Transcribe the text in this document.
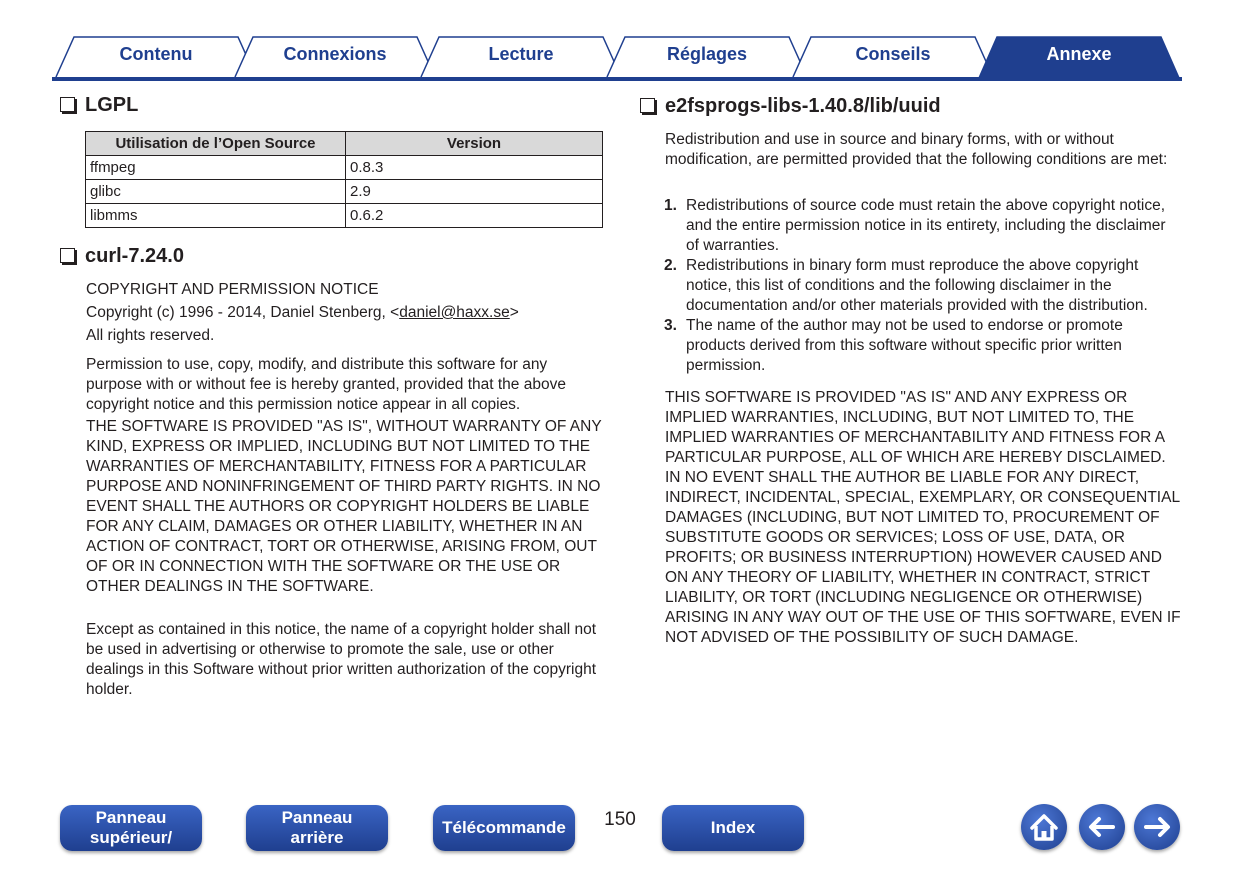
Contenu	Connexions	Lecture	Réglages	Conseils	Annexe
LGPL
Utilisation de l’Open Source	Version
ffmpeg	0.8.3
glibc	2.9
libmms	0.6.2
curl-7.24.0

COPYRIGHT AND PERMISSION NOTICE

Copyright (c) 1996 - 2014, Daniel Stenberg, <daniel@haxx.se>

All rights reserved.

Permission to use, copy, modify, and distribute this software for any purpose with or without fee is hereby granted, provided that the above copyright notice and this permission notice appear in all copies.

THE SOFTWARE IS PROVIDED "AS IS", WITHOUT WARRANTY OF ANY KIND, EXPRESS OR IMPLIED, INCLUDING BUT NOT LIMITED TO THE WARRANTIES OF MERCHANTABILITY, FITNESS FOR A PARTICULAR PURPOSE AND NONINFRINGEMENT OF THIRD PARTY RIGHTS. IN NO EVENT SHALL THE AUTHORS OR COPYRIGHT HOLDERS BE LIABLE FOR ANY CLAIM, DAMAGES OR OTHER LIABILITY, WHETHER IN AN ACTION OF CONTRACT, TORT OR OTHERWISE, ARISING FROM, OUT OF OR IN CONNECTION WITH THE SOFTWARE OR THE USE OR OTHER DEALINGS IN THE SOFTWARE.

Except as contained in this notice, the name of a copyright holder shall not be used in advertising or otherwise to promote the sale, use or other dealings in this Software without prior written authorization of the copyright holder.

e2fsprogs-libs-1.40.8/lib/uuid

Redistribution and use in source and binary forms, with or without modification, are permitted provided that the following conditions are met:

1. Redistributions of source code must retain the above copyright notice, and the entire permission notice in its entirety, including the disclaimer of warranties.
2. Redistributions in binary form must reproduce the above copyright notice, this list of conditions and the following disclaimer in the documentation and/or other materials provided with the distribution.
3. The name of the author may not be used to endorse or promote products derived from this software without specific prior written permission.

THIS SOFTWARE IS PROVIDED "AS IS" AND ANY EXPRESS OR IMPLIED WARRANTIES, INCLUDING, BUT NOT LIMITED TO, THE IMPLIED WARRANTIES OF MERCHANTABILITY AND FITNESS FOR A PARTICULAR PURPOSE, ALL OF WHICH ARE HEREBY DISCLAIMED. IN NO EVENT SHALL THE AUTHOR BE LIABLE FOR ANY DIRECT, INDIRECT, INCIDENTAL, SPECIAL, EXEMPLARY, OR CONSEQUENTIAL DAMAGES (INCLUDING, BUT NOT LIMITED TO, PROCUREMENT OF SUBSTITUTE GOODS OR SERVICES; LOSS OF USE, DATA, OR PROFITS; OR BUSINESS INTERRUPTION) HOWEVER CAUSED AND ON ANY THEORY OF LIABILITY, WHETHER IN CONTRACT, STRICT LIABILITY, OR TORT (INCLUDING NEGLIGENCE OR OTHERWISE) ARISING IN ANY WAY OUT OF THE USE OF THIS SOFTWARE, EVEN IF NOT ADVISED OF THE POSSIBILITY OF SUCH DAMAGE.

Panneau
supérieur/
Panneau
arrière
Télécommande	150	Index
